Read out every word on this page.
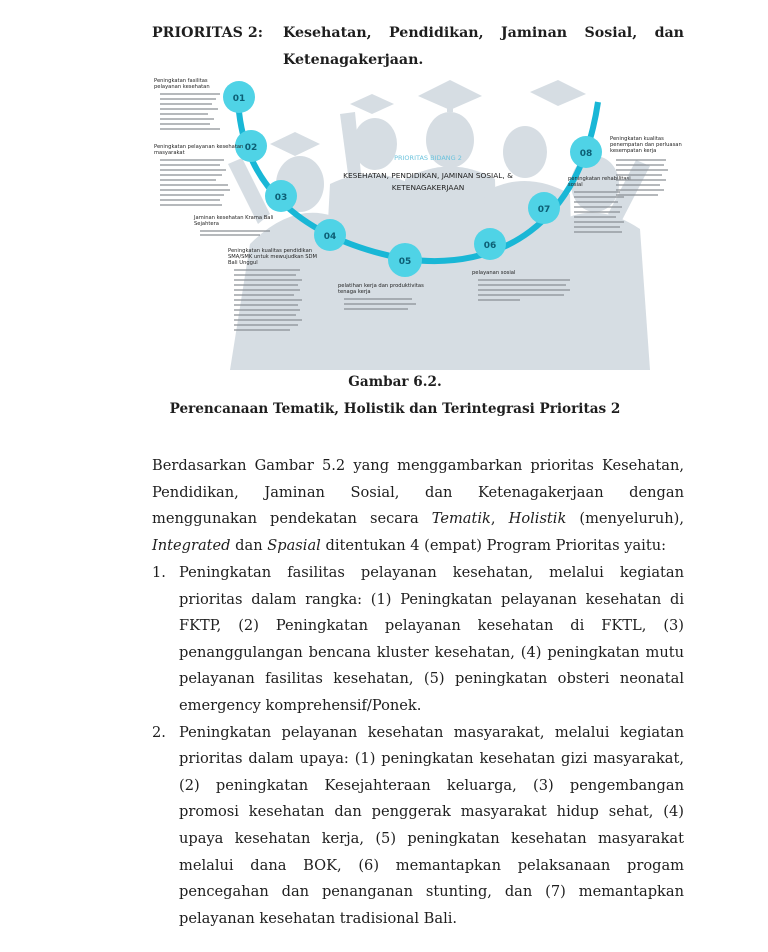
PRIORITAS 2: Kesehatan, Pendidikan, Jaminan Sosial, dan Ketenagakerjaan.
PRIORITAS BIDANG 2
KESEHATAN, PENDIDIKAN, JAMINAN SOSIAL, &
KETENAGAKERJAAN
01
02
03
04
05
06
07
08
Peningkatan fasilitas pelayanan kesehatan
Peningkatan pelayanan kesehatan masyarakat
Jaminan kesehatan Krama Bali Sejahtera
Peningkatan kualitas pendidikan SMA/SMK untuk mewujudkan SDM Bali Unggul
pelatihan kerja dan produktivitas tenaga kerja
pelayanan sosial
peningkatan rehabilitasi sosial
Peningkatan kualitas penempatan dan perluasan kesempatan kerja
Gambar 6.2.
Perencanaan Tematik, Holistik dan Terintegrasi Prioritas 2

Berdasarkan Gambar 5.2 yang menggambarkan prioritas Kesehatan, Pendidikan, Jaminan Sosial, dan Ketenagakerjaan dengan menggunakan pendekatan secara Tematik, Holistik (menyeluruh), Integrated dan Spasial ditentukan 4 (empat) Program Prioritas yaitu:

1. Peningkatan fasilitas pelayanan kesehatan, melalui kegiatan prioritas dalam rangka: (1) Peningkatan pelayanan kesehatan di FKTP, (2) Peningkatan pelayanan kesehatan di FKTL, (3) penanggulangan bencana kluster kesehatan, (4) peningkatan mutu pelayanan fasilitas kesehatan, (5) peningkatan obsteri neonatal emergency komprehensif/Ponek.
2. Peningkatan pelayanan kesehatan masyarakat, melalui kegiatan prioritas dalam upaya: (1) peningkatan kesehatan gizi masyarakat, (2) peningkatan Kesejahteraan keluarga, (3) pengembangan promosi kesehatan dan penggerak masyarakat hidup sehat, (4) upaya kesehatan kerja, (5) peningkatan kesehatan masyarakat melalui dana BOK, (6) memantapkan pelaksanaan progam pencegahan dan penanganan stunting, dan (7) memantapkan pelayanan kesehatan tradisional Bali.
